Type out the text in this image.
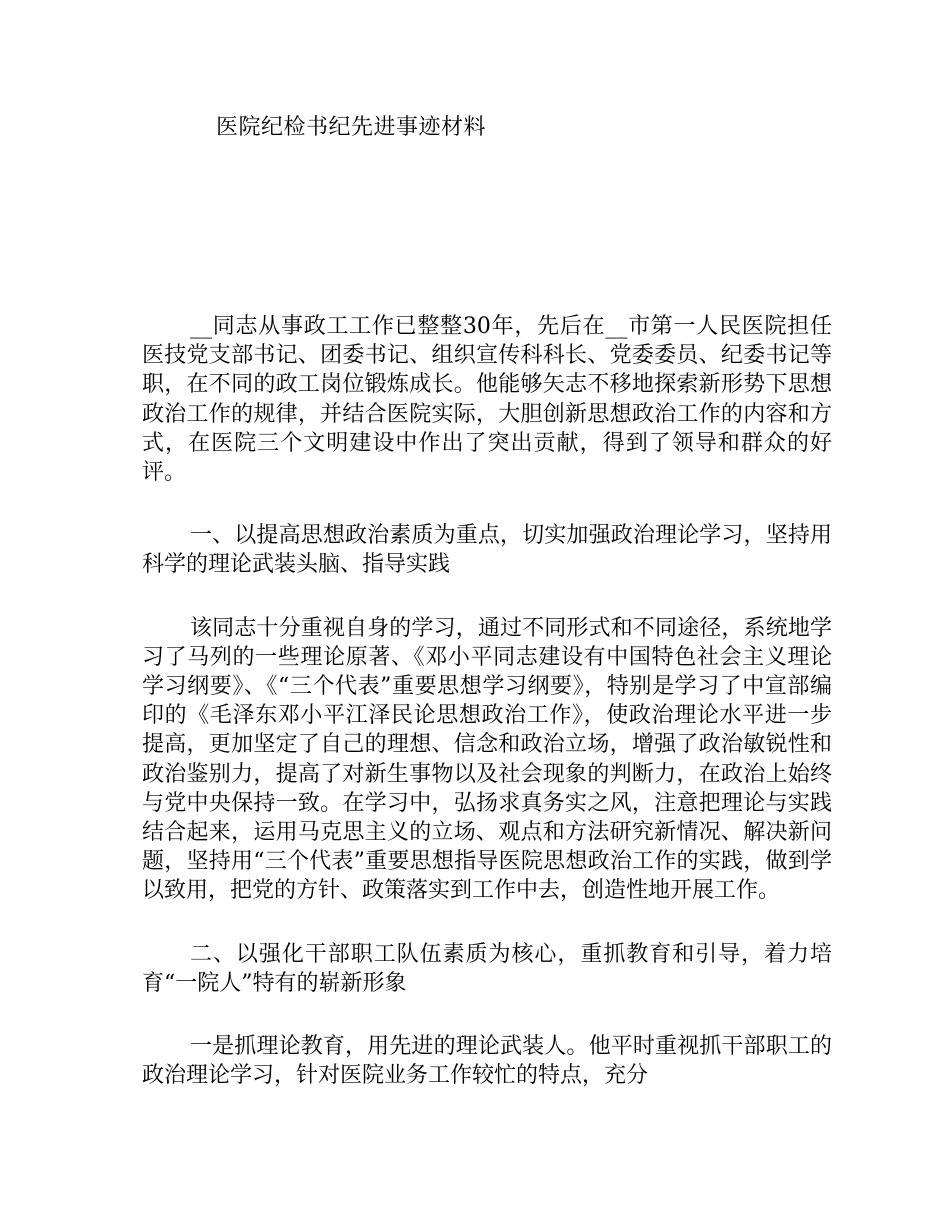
医院纪检书纪先进事迹材料

__同志从事政工工作已整整30年，先后在__市第一人民医院担任医技党支部书记、团委书记、组织宣传科科长、党委委员、纪委书记等职，在不同的政工岗位锻炼成长。他能够矢志不移地探索新形势下思想政治工作的规律，并结合医院实际，大胆创新思想政治工作的内容和方式，在医院三个文明建设中作出了突出贡献，得到了领导和群众的好评。

一、以提高思想政治素质为重点，切实加强政治理论学习，坚持用科学的理论武装头脑、指导实践

该同志十分重视自身的学习，通过不同形式和不同途径，系统地学习了马列的一些理论原著、《邓小平同志建设有中国特色社会主义理论学习纲要》、《“三个代表”重要思想学习纲要》，特别是学习了中宣部编印的《毛泽东邓小平江泽民论思想政治工作》，使政治理论水平进一步提高，更加坚定了自己的理想、信念和政治立场，增强了政治敏锐性和政治鉴别力，提高了对新生事物以及社会现象的判断力，在政治上始终与党中央保持一致。在学习中，弘扬求真务实之风，注意把理论与实践结合起来，运用马克思主义的立场、观点和方法研究新情况、解决新问题，坚持用“三个代表”重要思想指导医院思想政治工作的实践，做到学以致用，把党的方针、政策落实到工作中去，创造性地开展工作。

二、以强化干部职工队伍素质为核心，重抓教育和引导，着力培育“一院人”特有的崭新形象

一是抓理论教育，用先进的理论武装人。他平时重视抓干部职工的政治理论学习，针对医院业务工作较忙的特点，充分
